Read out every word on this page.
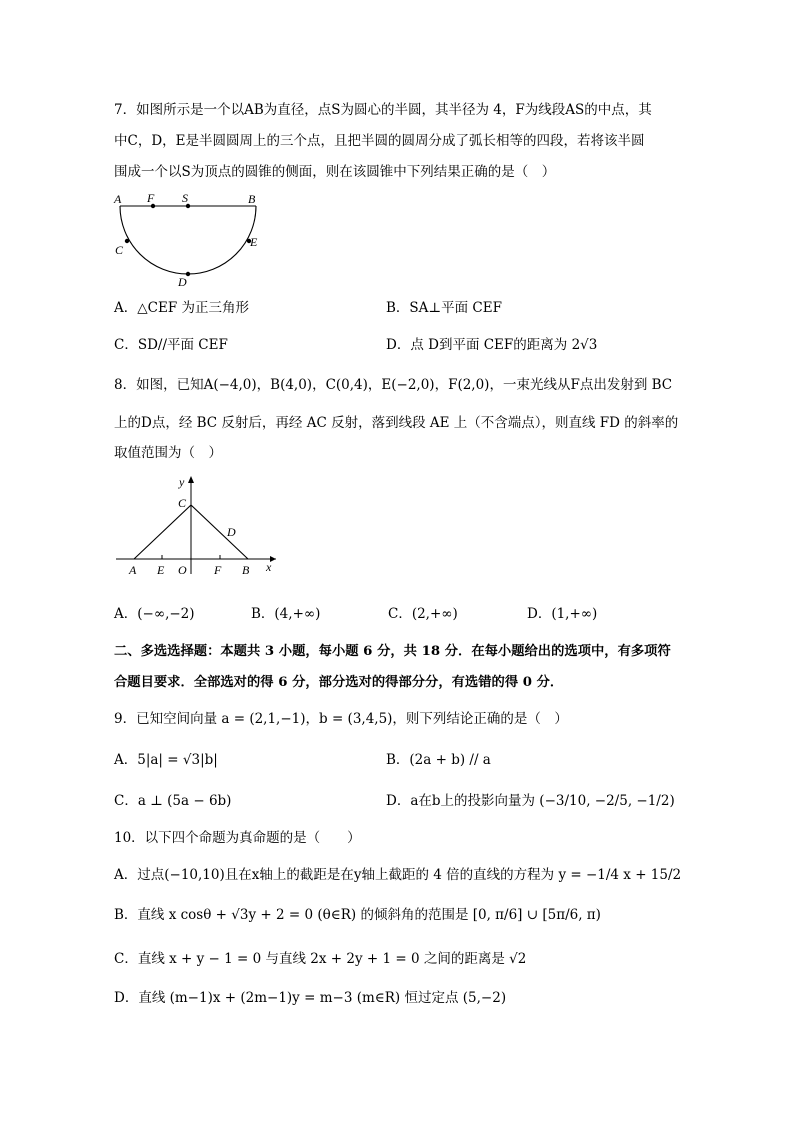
7．如图所示是一个以AB为直径，点S为圆心的半圆，其半径为 4，F为线段AS的中点，其
中C，D，E是半圆圆周上的三个点，且把半圆的圆周分成了弧长相等的四段，若将该半圆
围成一个以S为顶点的圆锥的侧面，则在该圆锥中下列结果正确的是（　）
A F S	B
C
E
D
A．△CEF 为正三角形	B．SA⊥平面 CEF
C．SD//平面 CEF	D．点 D到平面 CEF的距离为 2√3
8．如图，已知A(−4,0)，B(4,0)，C(0,4)，E(−2,0)，F(2,0)，一束光线从F点出发射到 BC
上的D点，经 BC 反射后，再经 AC 反射，落到线段 AE 上（不含端点），则直线 FD 的斜率的
取值范围为（　）
y
C
D
A E O F B x
A．(−∞,−2)	B．(4,+∞)	C．(2,+∞)	D．(1,+∞)
二、多选选择题：本题共 3 小题，每小题 6 分，共 18 分．在每小题给出的选项中，有多项符
合题目要求．全部选对的得 6 分，部分选对的得部分分，有选错的得 0 分．
9．已知空间向量 a = (2,1,−1)，b = (3,4,5)，则下列结论正确的是（　）
A．5|a| = √3|b|	B．(2a + b) // a
C．a ⊥ (5a − 6b)	D．a在b上的投影向量为 (−3/10, −2/5, −1/2)
10．以下四个命题为真命题的是（　　）
A．过点(−10,10)且在x轴上的截距是在y轴上截距的 4 倍的直线的方程为 y = −1/4 x + 15/2
B．直线 x cosθ + √3y + 2 = 0 (θ∈R) 的倾斜角的范围是 [0, π/6] ∪ [5π/6, π)
C．直线 x + y − 1 = 0 与直线 2x + 2y + 1 = 0 之间的距离是 √2
D．直线 (m−1)x + (2m−1)y = m−3 (m∈R) 恒过定点 (5,−2)
